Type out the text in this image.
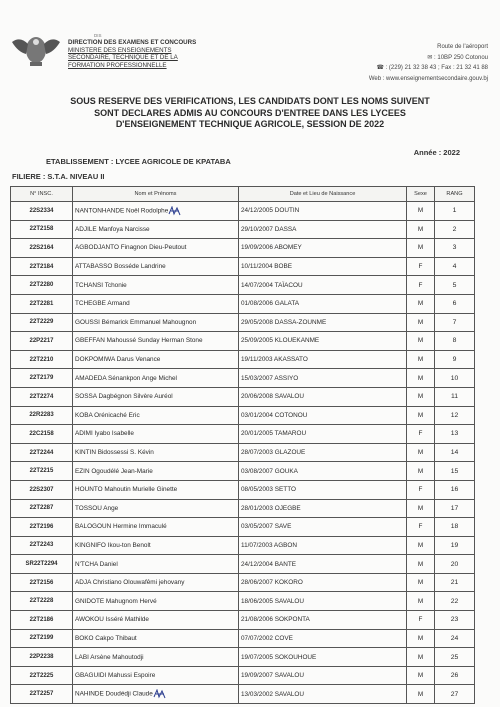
DIS
DIRECTION DES EXAMENS ET CONCOURS
MINISTERE DES ENSEIGNEMENTS
SECONDAIRE, TECHNIQUE ET DE LA
FORMATION PROFESSIONNELLE
Route de l'aéroport
✉ : 10BP 250 Cotonou
☎ : (229) 21 32 38 43 ; Fax : 21 32 41 88
Web : www.enseignementsecondaire.gouv.bj
SOUS RESERVE DES VERIFICATIONS, LES CANDIDATS DONT LES NOMS SUIVENT
SONT DECLARES ADMIS AU CONCOURS D'ENTREE DANS LES LYCEES
D'ENSEIGNEMENT TECHNIQUE AGRICOLE, SESSION DE 2022
Année : 2022
ETABLISSEMENT : LYCEE AGRICOLE DE KPATABA
FILIERE : S.T.A. NIVEAU II
N° INSC.	Nom et Prénoms	Date et Lieu de Naissance	Sexe	RANG
22S2334	NANTONHANDE Noël Rodolphe	24/12/2005 DOUTIN	M	1
22T2158	ADJILE Manfoya Narcisse	29/10/2007 DASSA	M	2
22S2164	AGBODJANTO Finagnon Dieu-Peutout	19/09/2006 ABOMEY	M	3
22T2184	ATTABASSO Bosséde Landrine	10/11/2004 BOBE	F	4
22T2280	TCHANSI Tchonie	14/07/2004 TAÏACOU	F	5
22T2281	TCHEGBE Armand	01/08/2006 GALATA	M	6
22T2229	GOUSSI Bémarick Emmanuel Mahougnon	29/05/2008 DASSA-ZOUNME	M	7
22P2217	GBEFFAN Mahoussé Sunday Herman Stone	25/09/2005 KLOUEKANME	M	8
22T2210	DOKPOMIWA Darus Venance	19/11/2003 AKASSATO	M	9
22T2179	AMADEDA Sénankpon Ange Michel	15/03/2007 ASSIYO	M	10
22T2274	SOSSA Dagbégnon Silvère Auréol	20/06/2008 SAVALOU	M	11
22R2283	KOBA Orénicaché Eric	03/01/2004 COTONOU	M	12
22C2158	ADIMI Iyabo Isabelle	20/01/2005 TAMAROU	F	13
22T2244	KINTIN Bidossessi S. Kévin	28/07/2003 GLAZOUE	M	14
22T2215	EZIN Ogoudélé Jean-Marie	03/08/2007 GOUKA	M	15
22S2307	HOUNTO Mahoutin Murielle Ginette	08/05/2003 SETTO	F	16
22T2287	TOSSOU Ange	28/01/2003 OJEGBE	M	17
22T2196	BALOGOUN Hermine Immaculé	03/05/2007 SAVE	F	18
22T2243	KINGNIFO Ikou-ton Benolt	11/07/2003 AGBON	M	19
SR22T2294	N'TCHA Daniel	24/12/2004 BANTE	M	20
22T2156	ADJA Christiano Olouwafêmi jehovany	28/06/2007 KOKORO	M	21
22T2228	GNIDOTE Mahugnom Hervé	18/06/2005 SAVALOU	M	22
22T2186	AWOKOU Isséré Mathilde	21/08/2006 SOKPONTA	F	23
22T2199	BOKO Cakpo Thibaut	07/07/2002 COVE	M	24
22P2238	LABI Arsène Mahoutodji	19/07/2005 SOKOUHOUE	M	25
22T2225	GBAGUIDI Mahussi Espoire	19/09/2007 SAVALOU	M	26
22T2257	NAHINDE Doudédji Claude	13/03/2002 SAVALOU	M	27
